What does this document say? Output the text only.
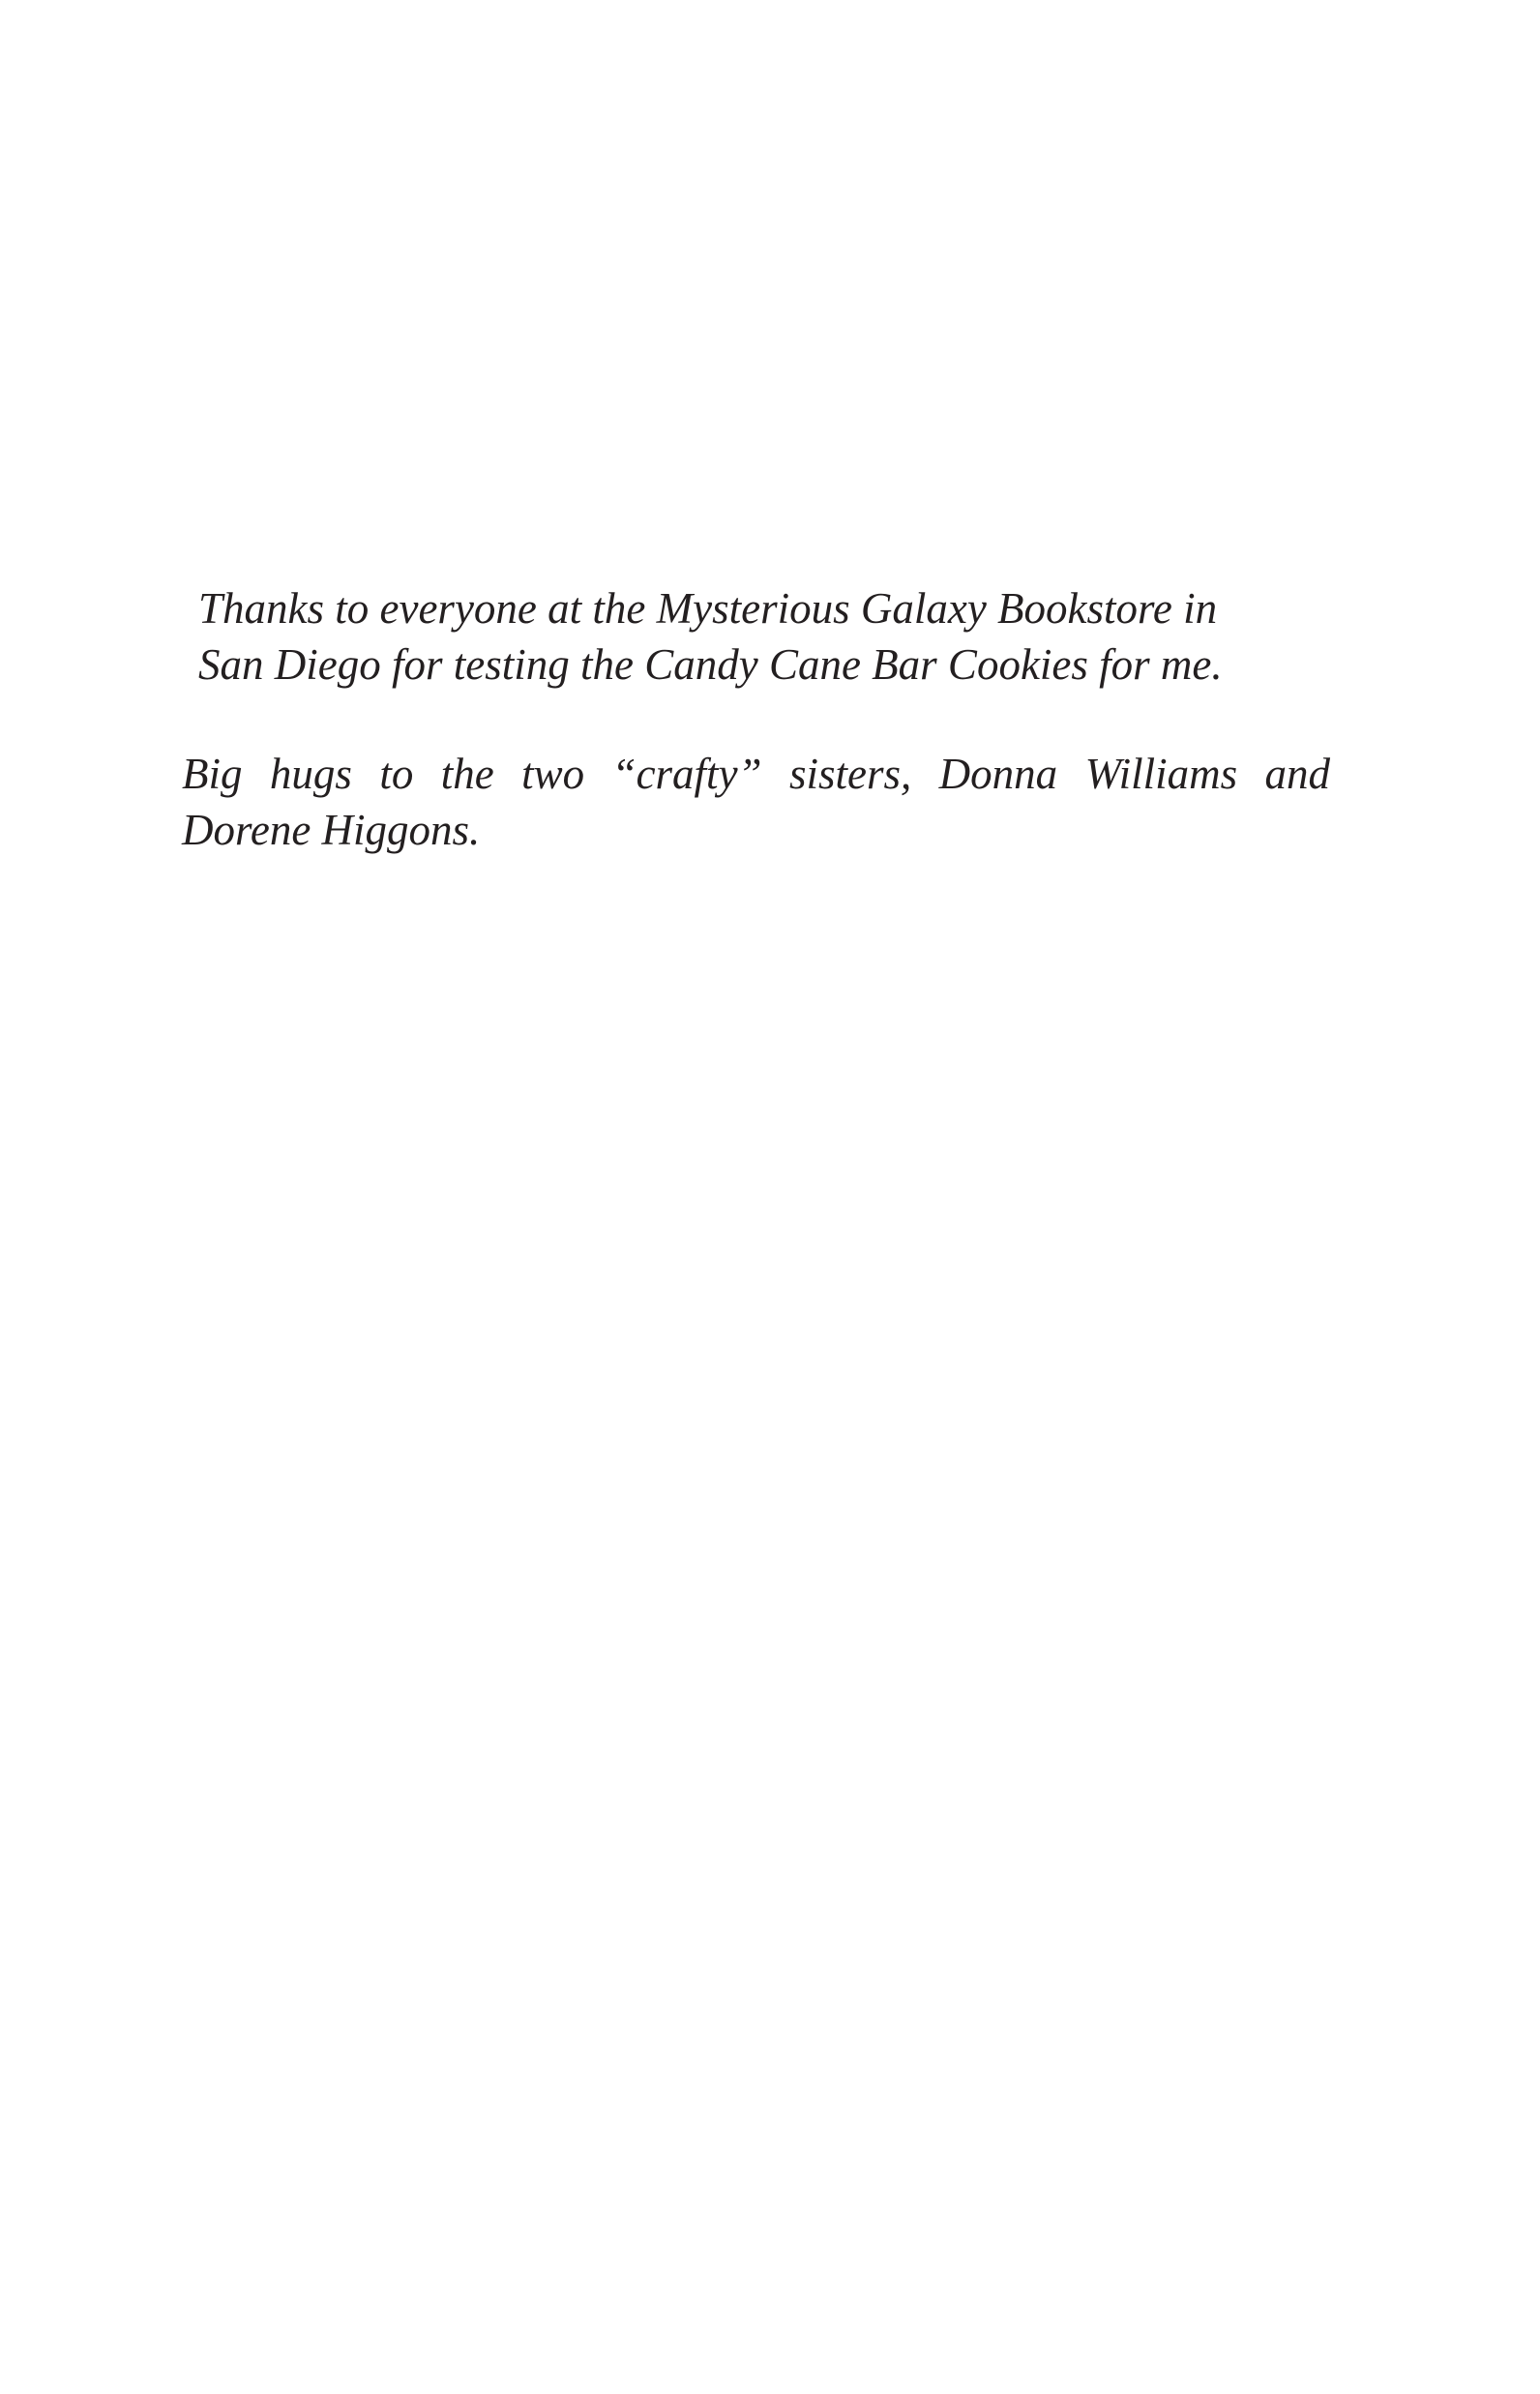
Thanks to everyone at the Mysterious Galaxy Bookstore in
San Diego for testing the Candy Cane Bar Cookies for me.

Big hugs to the two “crafty” sisters, Donna Williams and
Dorene Higgons.
